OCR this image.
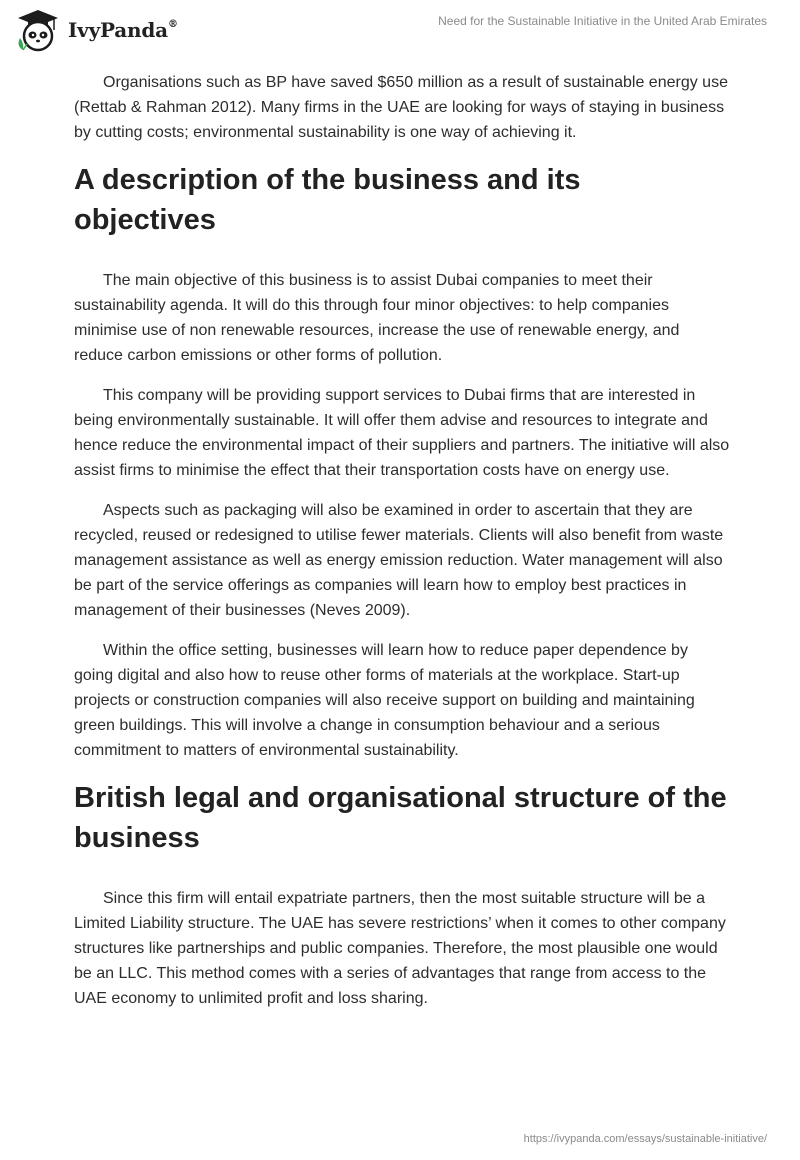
IvyPanda®	Need for the Sustainable Initiative in the United Arab Emirates

Organisations such as BP have saved $650 million as a result of sustainable energy use (Rettab & Rahman 2012). Many firms in the UAE are looking for ways of staying in business by cutting costs; environmental sustainability is one way of achieving it.

A description of the business and its objectives

The main objective of this business is to assist Dubai companies to meet their sustainability agenda. It will do this through four minor objectives: to help companies minimise use of non renewable resources, increase the use of renewable energy, and reduce carbon emissions or other forms of pollution.

This company will be providing support services to Dubai firms that are interested in being environmentally sustainable. It will offer them advise and resources to integrate and hence reduce the environmental impact of their suppliers and partners. The initiative will also assist firms to minimise the effect that their transportation costs have on energy use.

Aspects such as packaging will also be examined in order to ascertain that they are recycled, reused or redesigned to utilise fewer materials. Clients will also benefit from waste management assistance as well as energy emission reduction. Water management will also be part of the service offerings as companies will learn how to employ best practices in management of their businesses (Neves 2009).

Within the office setting, businesses will learn how to reduce paper dependence by going digital and also how to reuse other forms of materials at the workplace. Start-up projects or construction companies will also receive support on building and maintaining green buildings. This will involve a change in consumption behaviour and a serious commitment to matters of environmental sustainability.

British legal and organisational structure of the business

Since this firm will entail expatriate partners, then the most suitable structure will be a Limited Liability structure. The UAE has severe restrictions’ when it comes to other company structures like partnerships and public companies. Therefore, the most plausible one would be an LLC. This method comes with a series of advantages that range from access to the UAE economy to unlimited profit and loss sharing.

https://ivypanda.com/essays/sustainable-initiative/
